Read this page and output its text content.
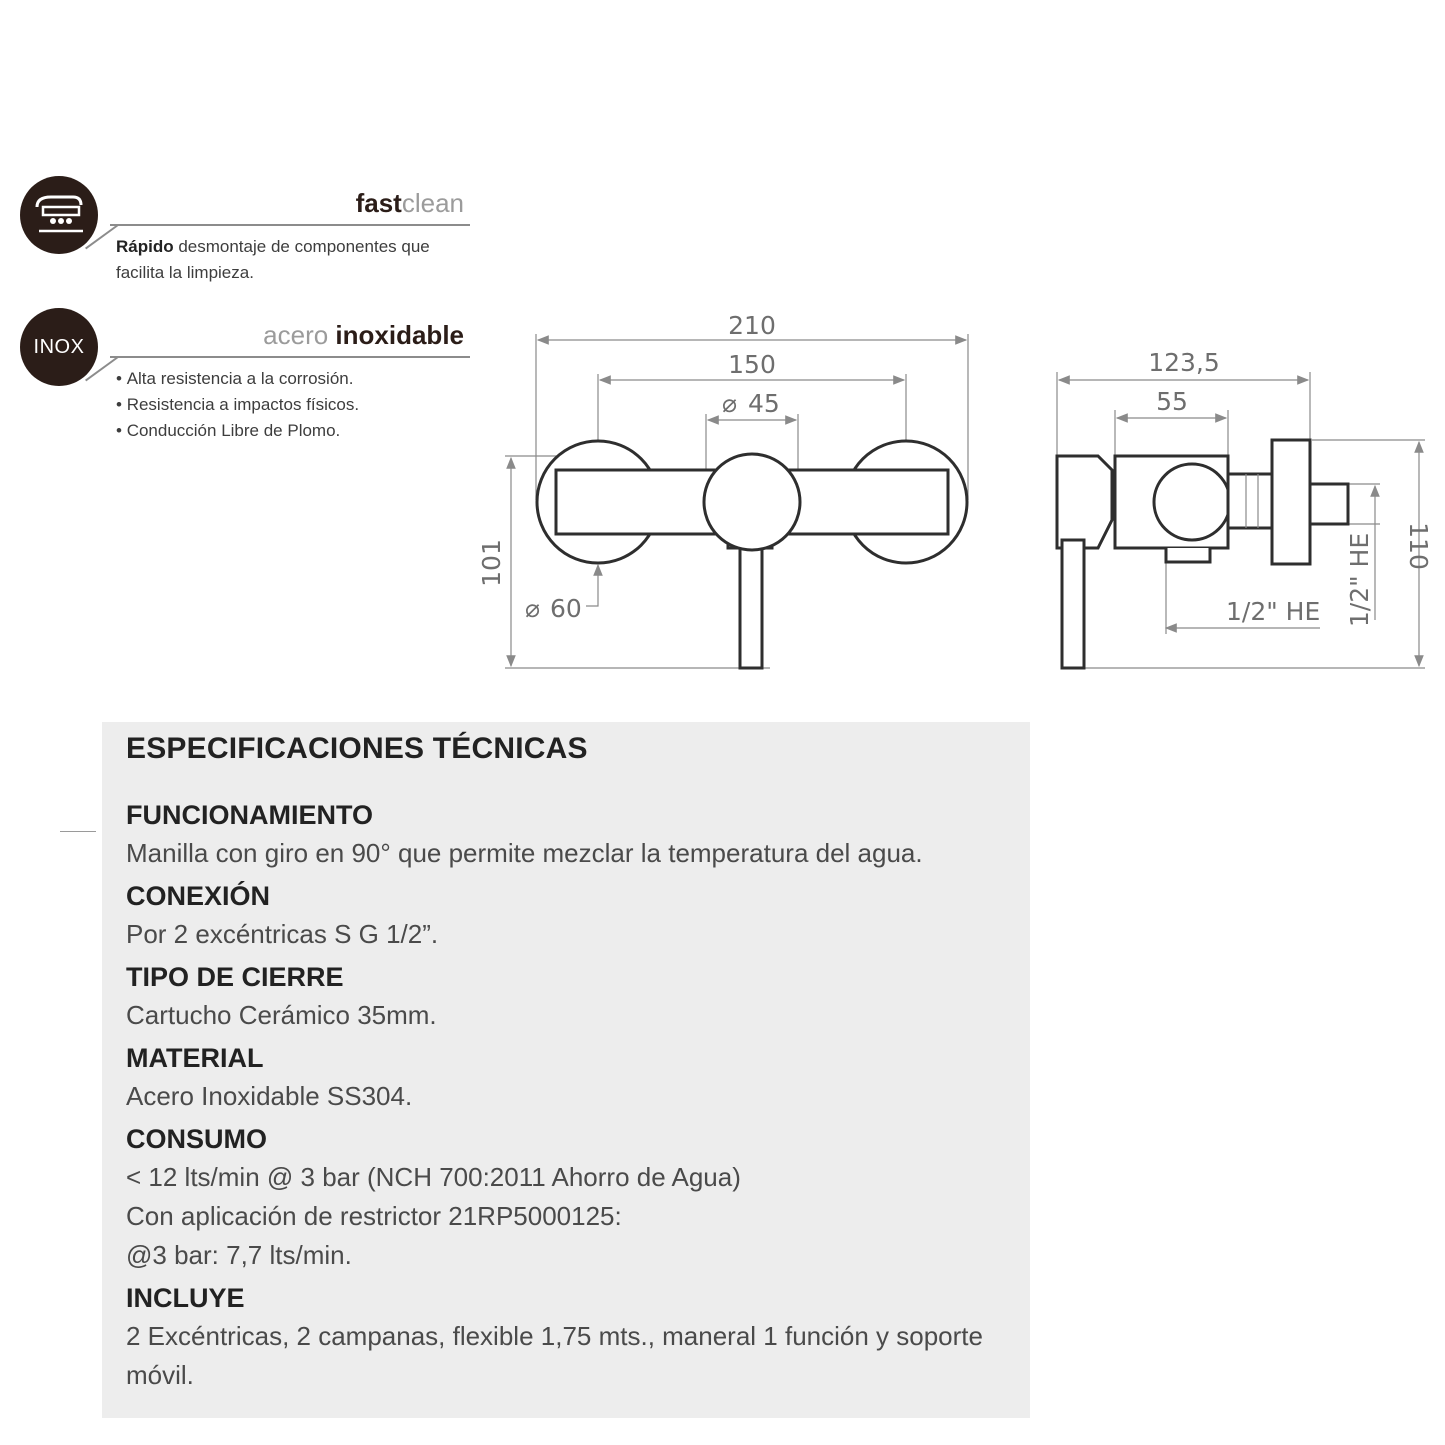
fastclean
Rápido desmontaje de componentes que facilita la limpieza.
INOX	acero inoxidable
• Alta resistencia a la corrosión.
• Resistencia a impactos físicos.
• Conducción Libre de Plomo.
210
150
⌀ 45
⌀ 60
101
123,5
55
1/2" HE 1/2" HE 110
ESPECIFICACIONES TÉCNICAS
FUNCIONAMIENTO
Manilla con giro en 90° que permite mezclar la temperatura del agua.
CONEXIÓN
Por 2 excéntricas S G 1/2”.
TIPO DE CIERRE
Cartucho Cerámico 35mm.
MATERIAL
Acero Inoxidable SS304.
CONSUMO
< 12 lts/min @ 3 bar (NCH 700:2011 Ahorro de Agua)
Con aplicación de restrictor 21RP5000125:
@3 bar: 7,7 lts/min.
INCLUYE
2 Excéntricas, 2 campanas, flexible 1,75 mts., maneral 1 función y soporte
móvil.
